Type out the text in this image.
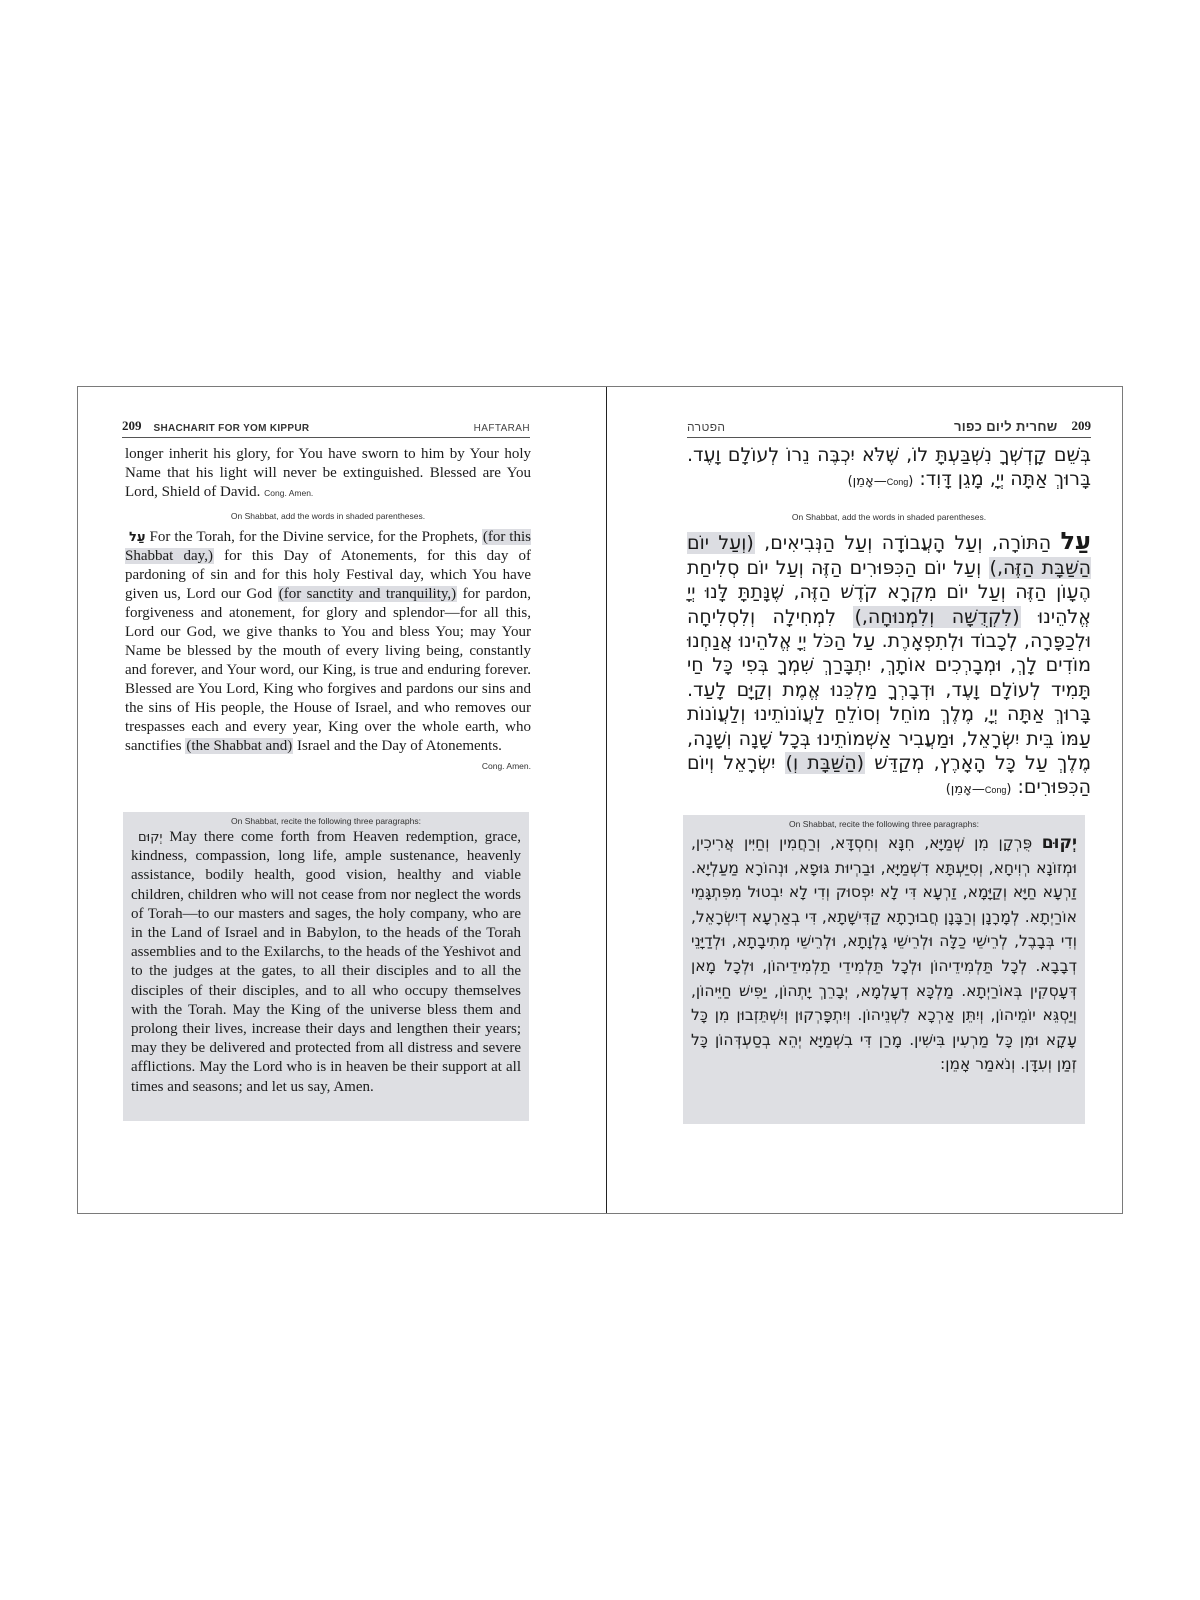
209 SHACHARIT FOR YOM KIPPUR	HAFTARAH
longer inherit his glory, for You have sworn to him by Your holy Name that his light will never be extinguished. Blessed are You Lord, Shield of David. Cong. Amen.
On Shabbat, add the words in shaded parentheses.
עַל For the Torah, for the Divine service, for the Prophets, (for this Shabbat day,) for this Day of Atonements, for this day of pardoning of sin and for this holy Festival day, which You have given us, Lord our God (for sanctity and tranquility,) for pardon, forgiveness and atonement, for glory and splendor—for all this, Lord our God, we give thanks to You and bless You; may Your Name be blessed by the mouth of every living being, constantly and forever, and Your word, our King, is true and enduring forever. Blessed are You Lord, King who forgives and pardons our sins and the sins of His people, the House of Israel, and who removes our trespasses each and every year, King over the whole earth, who sanctifies (the Shabbat and) Israel and the Day of Atonements.
Cong. Amen.
On Shabbat, recite the following three paragraphs:
יְקוּם May there come forth from Heaven redemption, grace, kindness, compassion, long life, ample sustenance, heavenly assistance, bodily health, good vision, healthy and viable children, children who will not cease from nor neglect the words of Torah—to our masters and sages, the holy company, who are in the Land of Israel and in Babylon, to the heads of the Torah assemblies and to the Exilarchs, to the heads of the Yeshivot and to the judges at the gates, to all their disciples and to all the disciples of their disciples, and to all who occupy themselves with the Torah. May the King of the universe bless them and prolong their lives, increase their days and lengthen their years; may they be delivered and protected from all distress and severe afflictions. May the Lord who is in heaven be their support at all times and seasons; and let us say, Amen.
209
שחרית ליום כפור
הפטרה
בְּשֵׁם קָדְשְׁךָ נִשְׁבַּעְתָּ לוֹ, שֶׁלֹּא יִכְבֶּה נֵרוֹ לְעוֹלָם וָעֶד. בָּרוּךְ אַתָּה יְיָ, מָגֵן דָּוִד: (Cong—אָמֵן)
On Shabbat, add the words in shaded parentheses.
עַל הַתּוֹרָה, וְעַל הָעֲבוֹדָה וְעַל הַנְּבִיאִים, (וְעַל יוֹם הַשַּׁבָּת הַזֶּה,) וְעַל יוֹם הַכִּפּוּרִים הַזֶּה וְעַל יוֹם סְלִיחַת הֶעָוֹן הַזֶּה וְעַל יוֹם מִקְרָא קֹדֶשׁ הַזֶּה, שֶׁנָּתַתָּ לָּנוּ יְיָ אֱלֹהֵינוּ (לִקְדֻשָּׁה וְלִמְנוּחָה,) לִמְחִילָה וְלִסְלִיחָה וּלְכַפָּרָה, לְכָבוֹד וּלְתִפְאָרֶת. עַל הַכֹּל יְיָ אֱלֹהֵינוּ אֲנַחְנוּ מוֹדִים לָךְ, וּמְבָרְכִים אוֹתָךְ, יִתְבָּרַךְ שִׁמְךָ בְּפִי כָּל חַי תָּמִיד לְעוֹלָם וָעֶד, וּדְבָרְךָ מַלְכֵּנוּ אֱמֶת וְקַיָּם לָעַד. בָּרוּךְ אַתָּה יְיָ, מֶלֶךְ מוֹחֵל וְסוֹלֵחַ לַעֲוֹנוֹתֵינוּ וְלַעֲוֹנוֹת עַמּוֹ בֵּית יִשְׂרָאֵל, וּמַעֲבִיר אַשְׁמוֹתֵינוּ בְּכָל שָׁנָה וְשָׁנָה, מֶלֶךְ עַל כָּל הָאָרֶץ, מְקַדֵּשׁ (הַשַּׁבָּת וְ) יִשְׂרָאֵל וְיוֹם הַכִּפּוּרִים: (Cong—אָמֵן)
On Shabbat, recite the following three paragraphs:
יְקוּם פֻּרְקָן מִן שְׁמַיָּא, חִנָּא וְחִסְדָּא, וְרַחֲמִין וְחַיִּין אֲרִיכִין, וּמְזוֹנָא רְוִיחָא, וְסִיַּעְתָּא דִשְׁמַיָּא, וּבַרְיוּת גּוּפָא, וּנְהוֹרָא מַעַלְיָא. זַרְעָא חַיָּא וְקַיָּמָא, זַרְעָא דִּי לָא יִפְסוּק וְדִי לָא יִבְטוּל מִפִּתְגָּמֵי אוֹרַיְתָא. לְמָרָנָן וְרַבָּנָן חֲבוּרָתָא קַדִּישָׁתָא, דִּי בְאַרְעָא דְיִשְׂרָאֵל, וְדִי בְּבָבֶל, לְרֵישֵׁי כַלָּה וּלְרֵישֵׁי גָלְוָתָא, וּלְרֵישֵׁי מְתִיבָתָא, וּלְדַיָּנֵי דְבָבָא. לְכָל תַּלְמִידֵיהוֹן וּלְכָל תַּלְמִידֵי תַלְמִידֵיהוֹן, וּלְכָל מָאן דְּעָסְקִין בְּאוֹרַיְתָא. מַלְכָּא דְעָלְמָא, יְבָרֵךְ יָתְהוֹן, יַפִּישׁ חַיֵּיהוֹן, וְיַסְגֵּא יוֹמֵיהוֹן, וְיִתֵּן אַרְכָא לִשְׁנֵיהוֹן. וְיִתְפָּרְקוּן וְיִשְׁתֵּזְבוּן מִן כָּל עָקָא וּמִן כָּל מַרְעִין בִּישִׁין. מָרַן דִּי בִשְׁמַיָּא יְהֵא בְסַעְדְּהוֹן כָּל זְמַן וְעִדָּן. וְנֹאמַר אָמֵן:
